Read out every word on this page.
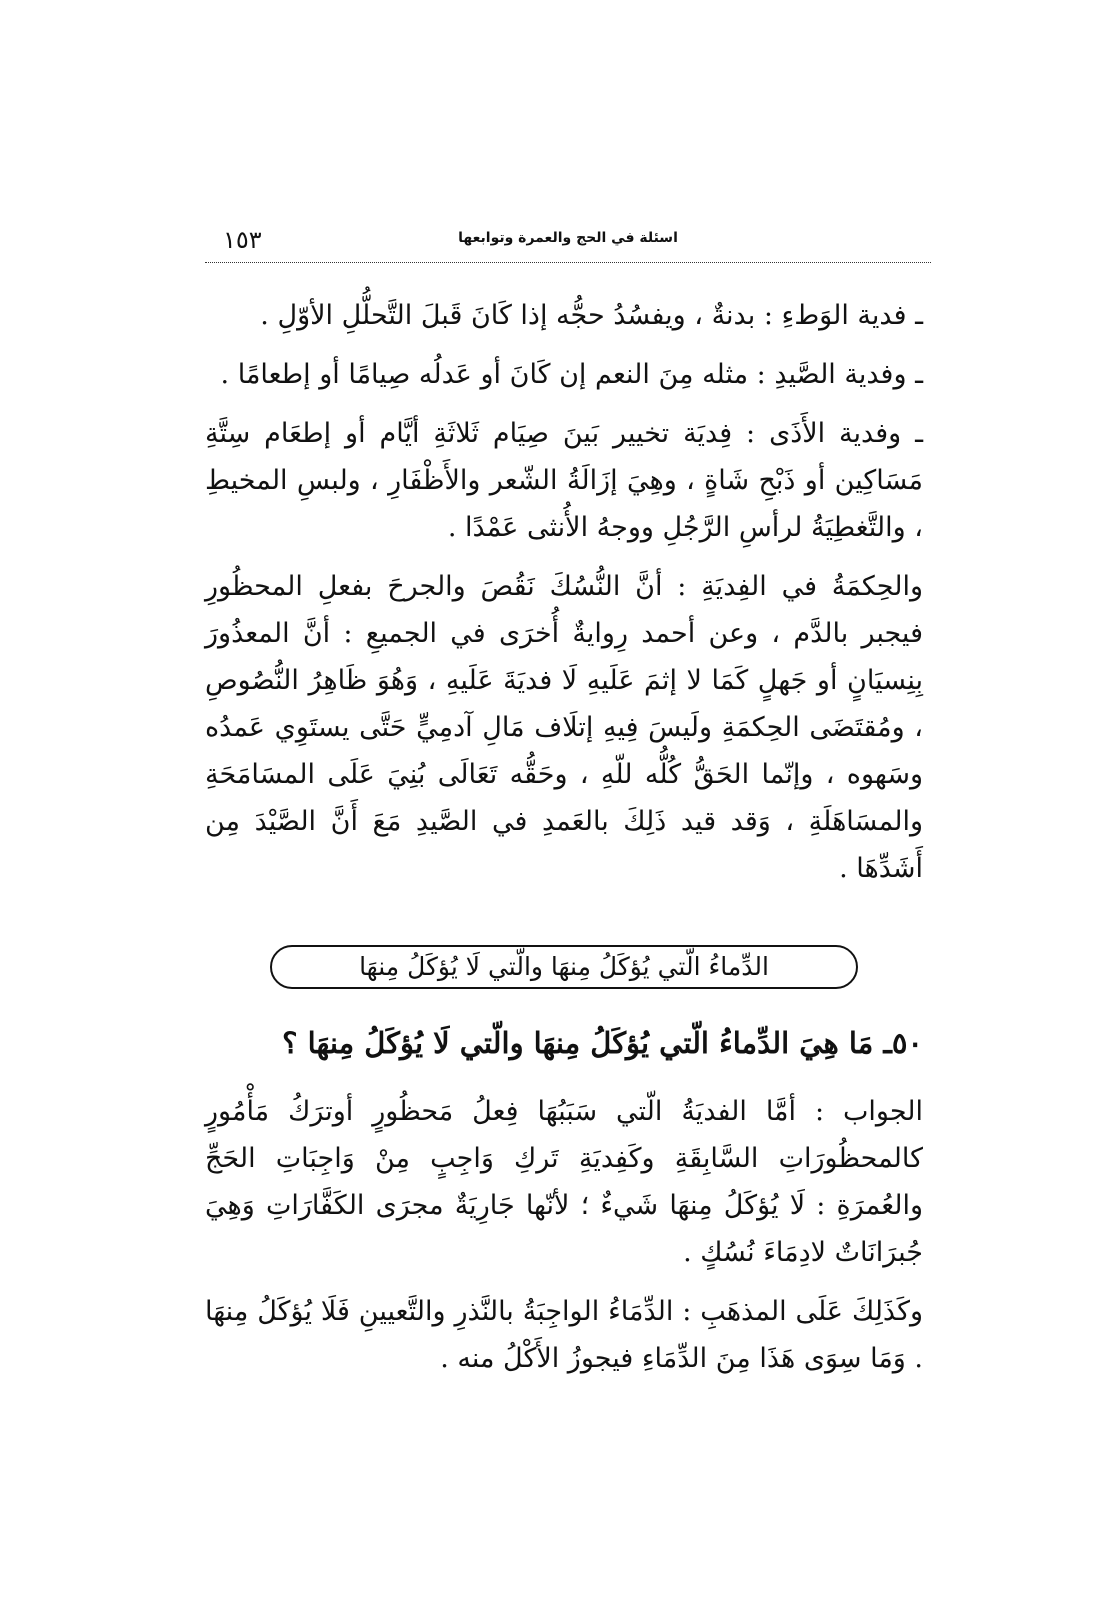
اسئلة في الحج والعمرة وتوابعها
١٥٣

ـ فدية الوَطءِ : بدنةٌ ، ويفسُدُ حجُّه إذا كَانَ قَبلَ التَّحلُّلِ الأوّلِ .

ـ وفدية الصَّيدِ : مثله مِنَ النعم إن كَانَ أو عَدلُه صِيامًا أو إطعامًا .

ـ وفدية الأَذَى : فِديَة تخيير بَينَ صِيَام ثَلاثَةِ أيَّام أو إطعَام سِتَّةِ مَسَاكِين أو ذَبْحِ شَاةٍ ، وهِيَ إزَالَةُ الشّعر والأَظْفَارِ ، ولبسِ المخيطِ ، والتَّغطِيَةُ لرأسِ الرَّجُلِ ووجهُ الأُنثى عَمْدًا .

والحِكمَةُ في الفِديَةِ : أنَّ النُّسُكَ نَقُصَ والجرحَ بفعلِ المحظُورِ فيجبر بالدَّم ، وعن أحمد رِوايةٌ أُخرَى في الجميعِ : أنَّ المعذُورَ بِنِسيَانٍ أو جَهلٍ كَمَا لا إثمَ عَلَيهِ لَا فديَةَ عَلَيهِ ، وَهُوَ ظَاهِرُ النُّصُوصِ ، ومُقتَضَى الحِكمَةِ ولَيسَ فِيهِ إتلَاف مَالِ آدمِيٍّ حَتَّى يستَوِي عَمدُه وسَهوه ، وإنّما الحَقُّ كُلُّه للّهِ ، وحَقُّه تَعَالَى بُنِيَ عَلَى المسَامَحَةِ والمسَاهَلَةِ ، وَقد قيد ذَلِكَ بالعَمدِ في الصَّيدِ مَعَ أَنَّ الصَّيْدَ مِن أَشَدِّهَا .

الدِّماءُ الّتي يُؤكَلُ مِنهَا والّتي لَا يُؤكَلُ مِنهَا

٥٠ـ مَا هِيَ الدِّماءُ الّتي يُؤكَلُ مِنهَا والّتي لَا يُؤكَلُ مِنهَا ؟

الجواب : أمَّا الفديَةُ الّتي سَبَبُهَا فِعلُ مَحظُورٍ أوترَكُ مَأْمُورٍ كالمحظُورَاتِ السَّابِقَةِ وكَفِديَةِ تَركِ وَاجِبٍ مِنْ وَاجِبَاتِ الحَجِّ والعُمرَةِ : لَا يُؤكَلُ مِنهَا شَيءٌ ؛ لأنّها جَارِيَةٌ مجرَى الكَفَّارَاتِ وَهِيَ جُبرَانَاتٌ لادِمَاءَ نُسُكٍ .

وكَذَلِكَ عَلَى المذهَبِ : الدِّمَاءُ الواجِبَةُ بالنَّذرِ والتَّعيينِ فَلَا يُؤكَلُ مِنهَا . وَمَا سِوَى هَذَا مِنَ الدِّمَاءِ فيجوزُ الأَكْلُ منه .
